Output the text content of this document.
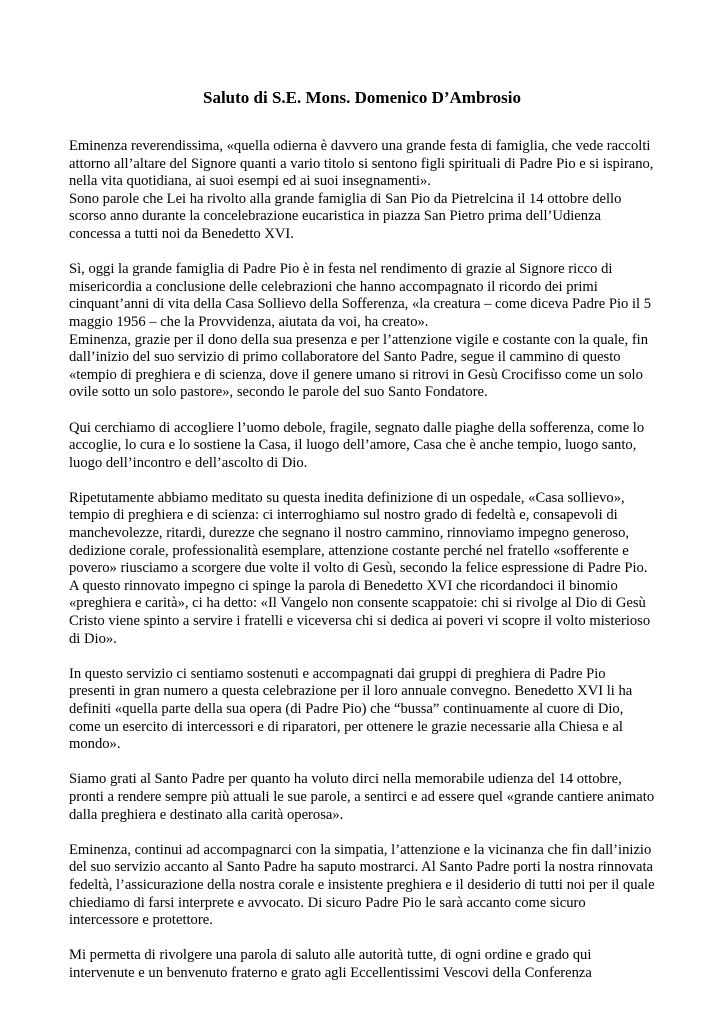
Saluto di S.E. Mons. Domenico D’Ambrosio

Eminenza reverendissima, «quella odierna è davvero una grande festa di famiglia, che vede raccolti
attorno all’altare del Signore quanti a vario titolo si sentono figli spirituali di Padre Pio e si ispirano,
nella vita quotidiana, ai suoi esempi ed ai suoi insegnamenti».
Sono parole che Lei ha rivolto alla grande famiglia di San Pio da Pietrelcina il 14 ottobre dello
scorso anno durante la concelebrazione eucaristica in piazza San Pietro prima dell’Udienza
concessa a tutti noi da Benedetto XVI.

Sì, oggi la grande famiglia di Padre Pio è in festa nel rendimento di grazie al Signore ricco di
misericordia a conclusione delle celebrazioni che hanno accompagnato il ricordo dei primi
cinquant’anni di vita della Casa Sollievo della Sofferenza, «la creatura – come diceva Padre Pio il 5
maggio 1956 – che la Provvidenza, aiutata da voi, ha creato».
Eminenza, grazie per il dono della sua presenza e per l’attenzione vigile e costante con la quale, fin
dall’inizio del suo servizio di primo collaboratore del Santo Padre, segue il cammino di questo
«tempio di preghiera e di scienza, dove il genere umano si ritrovi in Gesù Crocifisso come un solo
ovile sotto un solo pastore», secondo le parole del suo Santo Fondatore.

Qui cerchiamo di accogliere l’uomo debole, fragile, segnato dalle piaghe della sofferenza, come lo
accoglie, lo cura e lo sostiene la Casa, il luogo dell’amore, Casa che è anche tempio, luogo santo,
luogo dell’incontro e dell’ascolto di Dio.

Ripetutamente abbiamo meditato su questa inedita definizione di un ospedale, «Casa sollievo»,
tempio di preghiera e di scienza: ci interroghiamo sul nostro grado di fedeltà e, consapevoli di
manchevolezze, ritardi, durezze che segnano il nostro cammino, rinnoviamo impegno generoso,
dedizione corale, professionalità esemplare, attenzione costante perché nel fratello «sofferente e
povero» riusciamo a scorgere due volte il volto di Gesù, secondo la felice espressione di Padre Pio.
A questo rinnovato impegno ci spinge la parola di Benedetto XVI che ricordandoci il binomio
«preghiera e carità», ci ha detto: «Il Vangelo non consente scappatoie: chi si rivolge al Dio di Gesù
Cristo viene spinto a servire i fratelli e viceversa chi si dedica ai poveri vi scopre il volto misterioso
di Dio».

In questo servizio ci sentiamo sostenuti e accompagnati dai gruppi di preghiera di Padre Pio
presenti in gran numero a questa celebrazione per il loro annuale convegno. Benedetto XVI li ha
definiti «quella parte della sua opera (di Padre Pio) che “bussa” continuamente al cuore di Dio,
come un esercito di intercessori e di riparatori, per ottenere le grazie necessarie alla Chiesa e al
mondo».

Siamo grati al Santo Padre per quanto ha voluto dirci nella memorabile udienza del 14 ottobre,
pronti a rendere sempre più attuali le sue parole, a sentirci e ad essere quel «grande cantiere animato
dalla preghiera e destinato alla carità operosa».

Eminenza, continui ad accompagnarci con la simpatia, l’attenzione e la vicinanza che fin dall’inizio
del suo servizio accanto al Santo Padre ha saputo mostrarci. Al Santo Padre porti la nostra rinnovata
fedeltà, l’assicurazione della nostra corale e insistente preghiera e il desiderio di tutti noi per il quale
chiediamo di farsi interprete e avvocato. Di sicuro Padre Pio le sarà accanto come sicuro
intercessore e protettore.

Mi permetta di rivolgere una parola di saluto alle autorità tutte, di ogni ordine e grado qui
intervenute e un benvenuto fraterno e grato agli Eccellentissimi Vescovi della Conferenza
